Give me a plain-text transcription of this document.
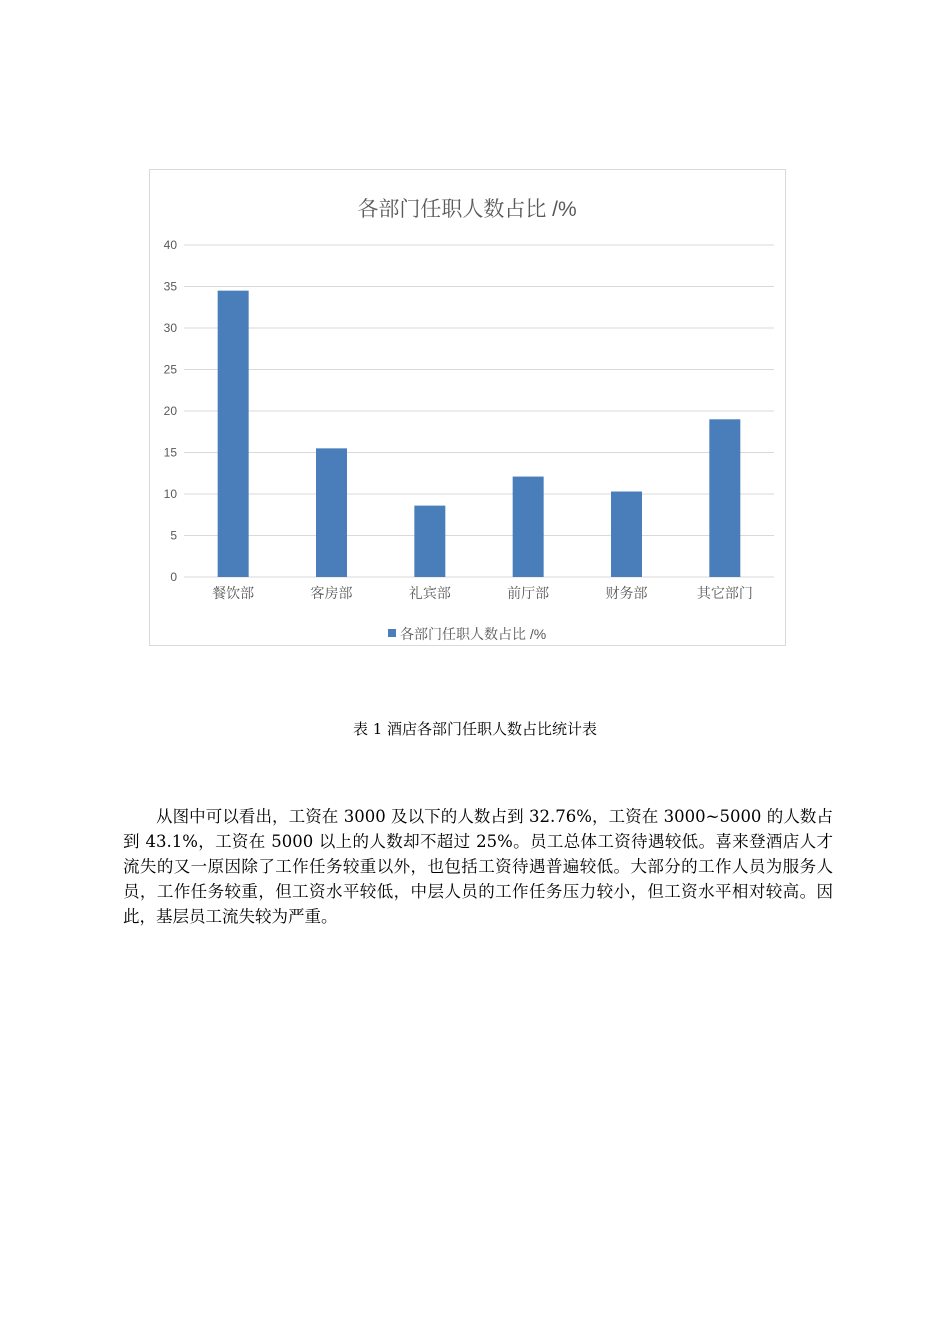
各部门任职人数占比 /%
0
5
10
15
20
25
30
35
40
餐饮部	客房部	礼宾部	前厅部	财务部	其它部门
各部门任职人数占比 /%
表 1 酒店各部门任职人数占比统计表

从图中可以看出，工资在 3000 及以下的人数占到 32.76%，工资在 3000~5000 的人数占到 43.1%，工资在 5000 以上的人数却不超过 25%。员工总体工资待遇较低。喜来登酒店人才流失的又一原因除了工作任务较重以外，也包括工资待遇普遍较低。大部分的工作人员为服务人员，工作任务较重，但工资水平较低，中层人员的工作任务压力较小，但工资水平相对较高。因此，基层员工流失较为严重。
